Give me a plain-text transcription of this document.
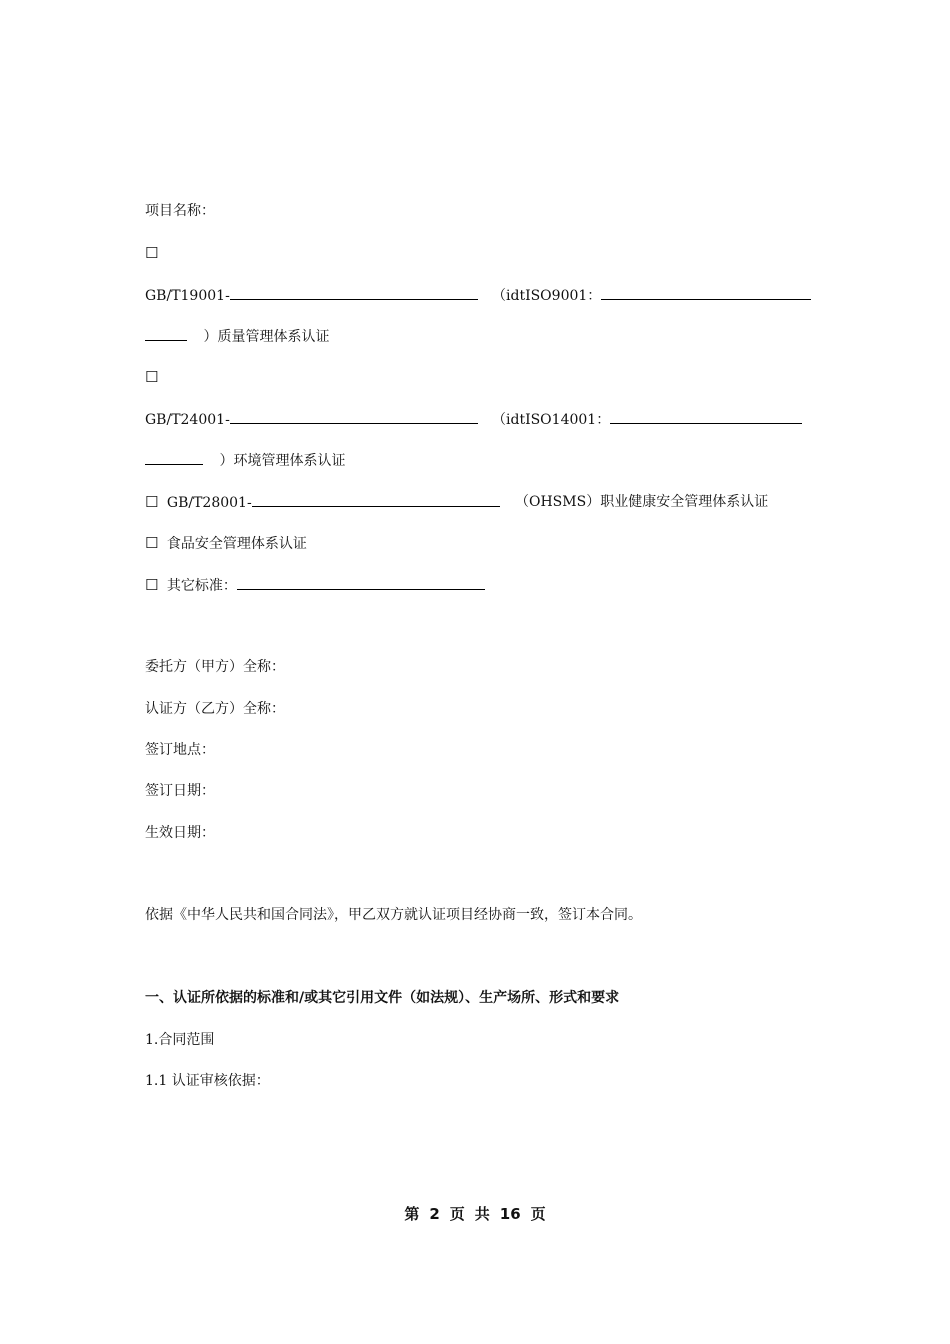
项目名称：
☐
GB/T19001-	（idtISO9001：
）质量管理体系认证
☐
GB/T24001-	（idtISO14001：
）环境管理体系认证
☐ GB/T28001-	（OHSMS）职业健康安全管理体系认证
☐ 食品安全管理体系认证
☐ 其它标准：
委托方（甲方）全称：
认证方（乙方）全称：
签订地点：
签订日期：
生效日期：
依据《中华人民共和国合同法》，甲乙双方就认证项目经协商一致，签订本合同。
一、认证所依据的标准和/或其它引用文件（如法规）、生产场所、形式和要求
1.合同范围
1.1 认证审核依据：
第 2 页 共 16 页
